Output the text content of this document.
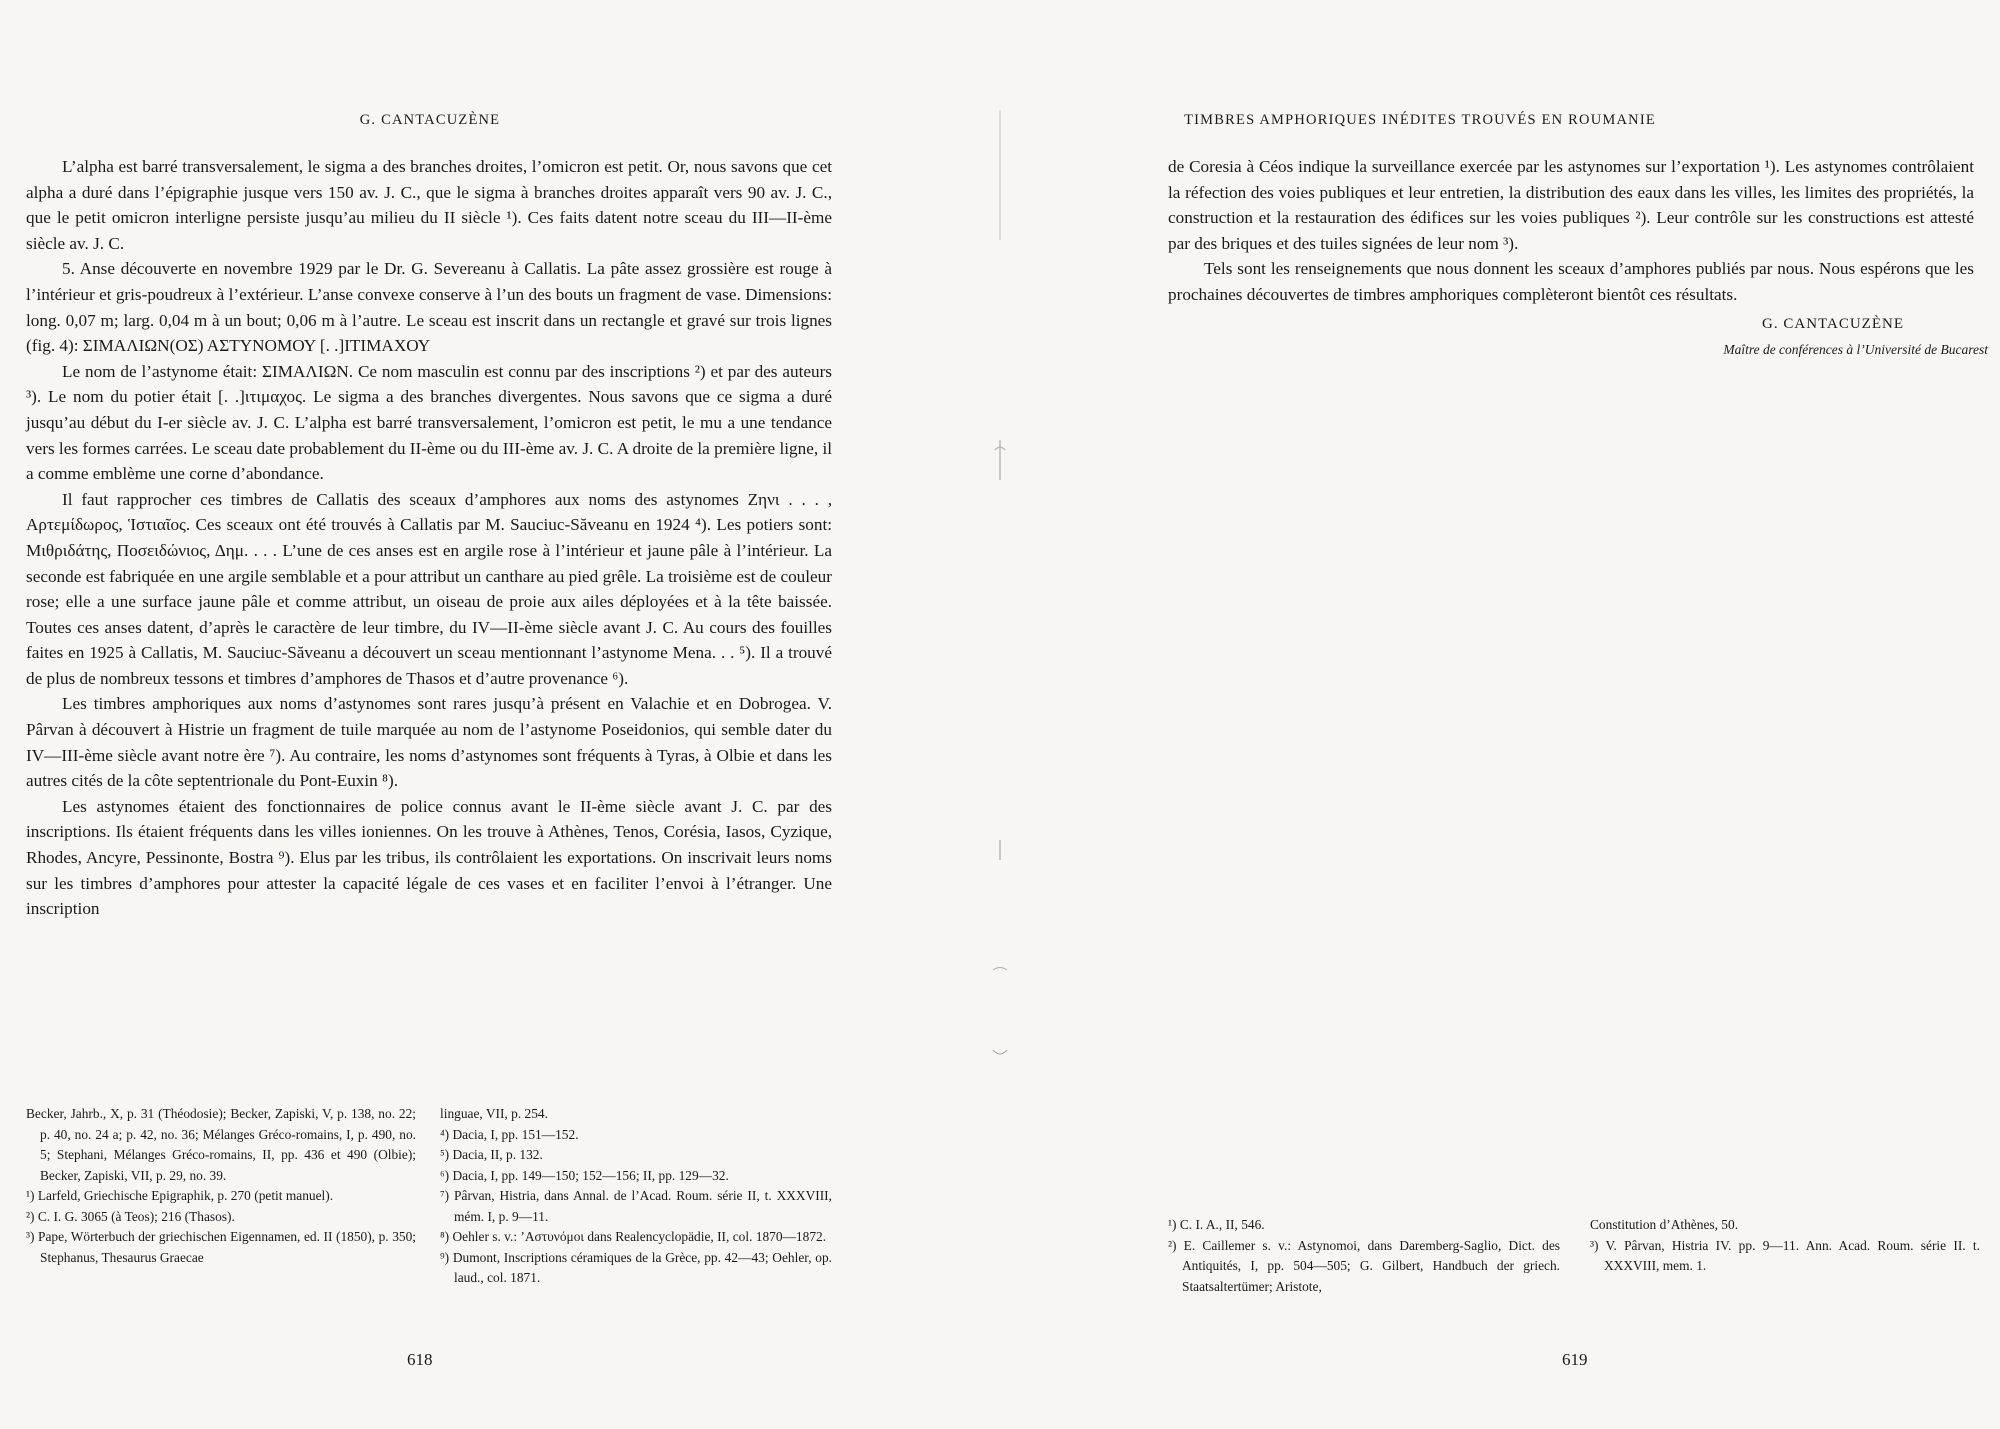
G. CANTACUZÈNE

L’alpha est barré transversalement, le sigma a des branches droites, l’omicron est petit. Or, nous savons que cet alpha a duré dans l’épigraphie jusque vers 150 av. J. C., que le sigma à branches droites apparaît vers 90 av. J. C., que le petit omicron interligne persiste jusqu’au milieu du II siècle ¹). Ces faits datent notre sceau du III—II-ème siècle av. J. C.

5. Anse découverte en novembre 1929 par le Dr. G. Severeanu à Callatis. La pâte assez grossière est rouge à l’intérieur et gris-poudreux à l’extérieur. L’anse convexe conserve à l’un des bouts un fragment de vase. Dimensions: long. 0,07 m; larg. 0,04 m à un bout; 0,06 m à l’autre. Le sceau est inscrit dans un rectangle et gravé sur trois lignes (fig. 4): ΣΙΜΑΛΙΩΝ(ΟΣ) ΑΣΤΥΝΟΜΟΥ [. .]ΙΤΙΜΑΧΟΥ

Le nom de l’astynome était: ΣΙΜΑΛΙΩΝ. Ce nom masculin est connu par des inscriptions ²) et par des auteurs ³). Le nom du potier était [. .]ιτιμαχος. Le sigma a des branches divergentes. Nous savons que ce sigma a duré jusqu’au début du I-er siècle av. J. C. L’alpha est barré transversalement, l’omicron est petit, le mu a une tendance vers les formes carrées. Le sceau date probablement du II-ème ou du III-ème av. J. C. A droite de la première ligne, il a comme emblème une corne d’abondance.

Il faut rapprocher ces timbres de Callatis des sceaux d’amphores aux noms des astynomes Ζηνι . . . , Αρτεμίδωρος, Ἱστιαῖος. Ces sceaux ont été trouvés à Callatis par M. Sauciuc-Săveanu en 1924 ⁴). Les potiers sont: Μιθριδάτης, Ποσειδώνιος, Δημ. . . . L’une de ces anses est en argile rose à l’intérieur et jaune pâle à l’intérieur. La seconde est fabriquée en une argile semblable et a pour attribut un canthare au pied grêle. La troisième est de couleur rose; elle a une surface jaune pâle et comme attribut, un oiseau de proie aux ailes déployées et à la tête baissée. Toutes ces anses datent, d’après le caractère de leur timbre, du IV—II-ème siècle avant J. C. Au cours des fouilles faites en 1925 à Callatis, M. Sauciuc-Săveanu a découvert un sceau mentionnant l’astynome Mena. . . ⁵). Il a trouvé de plus de nombreux tessons et timbres d’amphores de Thasos et d’autre provenance ⁶).

Les timbres amphoriques aux noms d’astynomes sont rares jusqu’à présent en Valachie et en Dobrogea. V. Pârvan à découvert à Histrie un fragment de tuile marquée au nom de l’astynome Poseidonios, qui semble dater du IV—III-ème siècle avant notre ère ⁷). Au contraire, les noms d’astynomes sont fréquents à Tyras, à Olbie et dans les autres cités de la côte septentrionale du Pont-Euxin ⁸).

Les astynomes étaient des fonctionnaires de police connus avant le II-ème siècle avant J. C. par des inscriptions. Ils étaient fréquents dans les villes ioniennes. On les trouve à Athènes, Tenos, Corésia, Iasos, Cyzique, Rhodes, Ancyre, Pessinonte, Bostra ⁹). Elus par les tribus, ils contrôlaient les exportations. On inscrivait leurs noms sur les timbres d’amphores pour attester la capacité légale de ces vases et en faciliter l’envoi à l’étranger. Une inscription

Becker, Jahrb., X, p. 31 (Théodosie); Becker, Zapiski, V, p. 138, no. 22; p. 40, no. 24 a; p. 42, no. 36; Mélanges Gréco-romains, I, p. 490, no. 5; Stephani, Mélanges Gréco-romains, II, pp. 436 et 490 (Olbie); Becker, Zapiski, VII, p. 29, no. 39.

¹) Larfeld, Griechische Epigraphik, p. 270 (petit manuel).

²) C. I. G. 3065 (à Teos); 216 (Thasos).

³) Pape, Wörterbuch der griechischen Eigennamen, ed. II (1850), p. 350; Stephanus, Thesaurus Graecae

linguae, VII, p. 254.

⁴) Dacia, I, pp. 151—152.

⁵) Dacia, II, p. 132.

⁶) Dacia, I, pp. 149—150; 152—156; II, pp. 129—32.

⁷) Pârvan, Histria, dans Annal. de l’Acad. Roum. série II, t. XXXVIII, mém. I, p. 9—11.

⁸) Oehler s. v.: ’Αστυνόμοι dans Realencyclopädie, II, col. 1870—1872.

⁹) Dumont, Inscriptions céramiques de la Grèce, pp. 42—43; Oehler, op. laud., col. 1871.

618
TIMBRES AMPHORIQUES INÉDITES TROUVÉS EN ROUMANIE

de Coresia à Céos indique la surveillance exercée par les astynomes sur l’exportation ¹). Les astynomes contrôlaient la réfection des voies publiques et leur entretien, la distribution des eaux dans les villes, les limites des propriétés, la construction et la restauration des édifices sur les voies publiques ²). Leur contrôle sur les constructions est attesté par des briques et des tuiles signées de leur nom ³).

Tels sont les renseignements que nous donnent les sceaux d’amphores publiés par nous. Nous espérons que les prochaines découvertes de timbres amphoriques complèteront bientôt ces résultats.

G. CANTACUZÈNE
Maître de conférences à l’Université de Bucarest

¹) C. I. A., II, 546.

²) E. Caillemer s. v.: Astynomoi, dans Daremberg-Saglio, Dict. des Antiquités, I, pp. 504—505; G. Gilbert, Handbuch der griech. Staatsaltertümer; Aristote,

Constitution d’Athènes, 50.

³) V. Pârvan, Histria IV. pp. 9—11. Ann. Acad. Roum. série II. t. XXXVIII, mem. 1.

619
